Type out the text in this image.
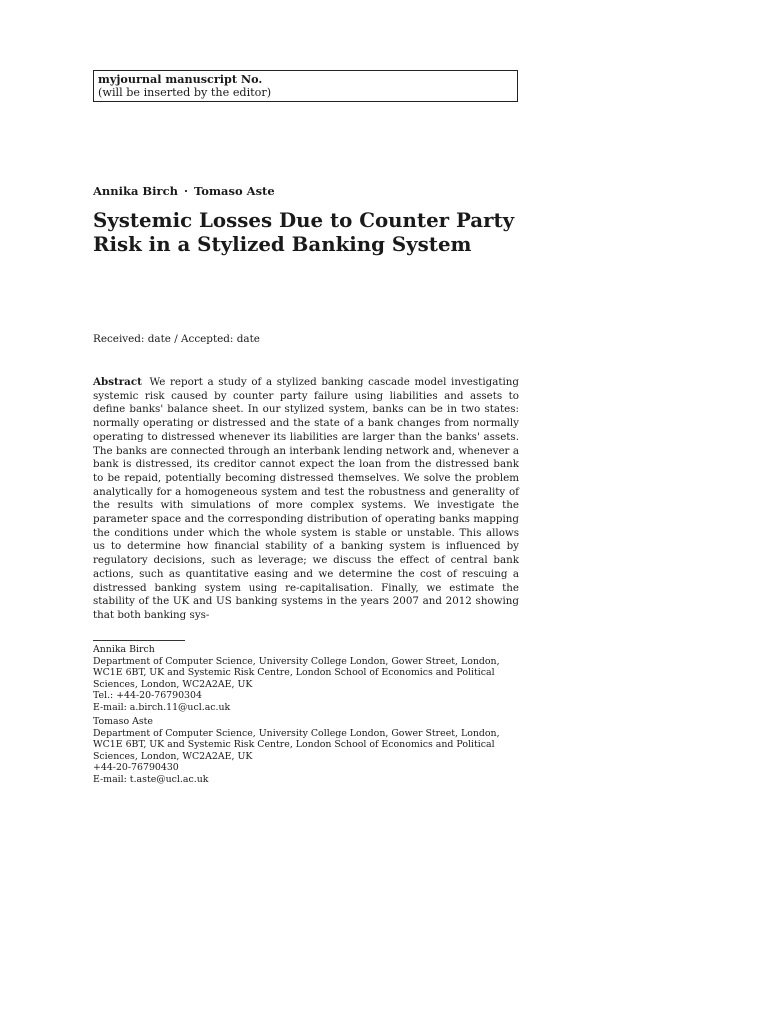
myjournal manuscript No.
(will be inserted by the editor)
Annika Birch · Tomaso Aste
Systemic Losses Due to Counter Party Risk in a Stylized Banking System
Received: date / Accepted: date

Abstract We report a study of a stylized banking cascade model investigating systemic risk caused by counter party failure using liabilities and assets to define banks' balance sheet. In our stylized system, banks can be in two states: normally operating or distressed and the state of a bank changes from normally operating to distressed whenever its liabilities are larger than the banks' assets. The banks are connected through an interbank lending network and, whenever a bank is distressed, its creditor cannot expect the loan from the distressed bank to be repaid, potentially becoming distressed themselves. We solve the problem analytically for a homogeneous system and test the robustness and generality of the results with simulations of more complex systems. We investigate the parameter space and the corresponding distribution of operating banks mapping the conditions under which the whole system is stable or unstable. This allows us to determine how financial stability of a banking system is influenced by regulatory decisions, such as leverage; we discuss the effect of central bank actions, such as quantitative easing and we determine the cost of rescuing a distressed banking system using re-capitalisation. Finally, we estimate the stability of the UK and US banking systems in the years 2007 and 2012 showing that both banking sys-

Annika Birch
Department of Computer Science, University College London, Gower Street, London, WC1E 6BT, UK and Systemic Risk Centre, London School of Economics and Political Sciences, London, WC2A2AE, UK
Tel.: +44-20-76790304
E-mail: a.birch.11@ucl.ac.uk
Tomaso Aste
Department of Computer Science, University College London, Gower Street, London, WC1E 6BT, UK and Systemic Risk Centre, London School of Economics and Political Sciences, London, WC2A2AE, UK
+44-20-76790430
E-mail: t.aste@ucl.ac.uk
